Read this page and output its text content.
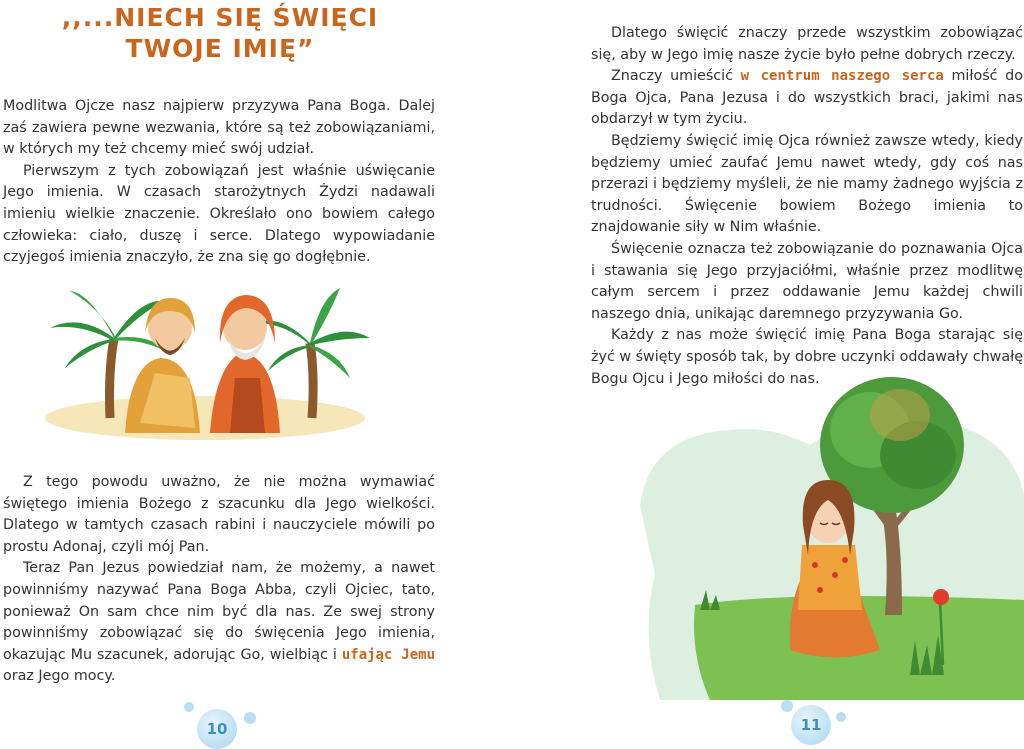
,,...NIECH SIĘ ŚWIĘCI
TWOJE IMIĘ”

Modlitwa Ojcze nasz najpierw przyzywa Pana Boga. Dalej zaś zawiera pewne wezwania, które są też zobowiązaniami, w których my też chcemy mieć swój udział.

Pierwszym z tych zobowiązań jest właśnie uświęcanie Jego imienia. W czasach starożytnych Żydzi nadawali imieniu wielkie znaczenie. Określało ono bowiem całego człowieka: ciało, duszę i serce. Dlatego wypowiadanie czyjegoś imienia znaczyło, że zna się go dogłębnie.

Z tego powodu uważno, że nie można wymawiać świętego imienia Bożego z szacunku dla Jego wielkości. Dlatego w tamtych czasach rabini i nauczyciele mówili po prostu Adonaj, czyli mój Pan.

Teraz Pan Jezus powiedział nam, że możemy, a nawet powinniśmy nazywać Pana Boga Abba, czyli Ojciec, tato, ponieważ On sam chce nim być dla nas. Ze swej strony powinniśmy zobowiązać się do święcenia Jego imienia, okazując Mu szacunek, adorując Go, wielbiąc i ufając Jemu oraz Jego mocy.

10

Dlatego święcić znaczy przede wszystkim zobowiązać się, aby w Jego imię nasze życie było pełne dobrych rzeczy.

Znaczy umieścić w centrum naszego serca miłość do Boga Ojca, Pana Jezusa i do wszystkich braci, jakimi nas obdarzył w tym życiu.

Będziemy święcić imię Ojca również zawsze wtedy, kiedy będziemy umieć zaufać Jemu nawet wtedy, gdy coś nas przerazi i będziemy myśleli, że nie mamy żadnego wyjścia z trudności. Święcenie bowiem Bożego imienia to znajdowanie siły w Nim właśnie.

Święcenie oznacza też zobowiązanie do poznawania Ojca i stawania się Jego przyjaciółmi, właśnie przez modlitwę całym sercem i przez oddawanie Jemu każdej chwili naszego dnia, unikając daremnego przyzywania Go.

Każdy z nas może święcić imię Pana Boga starając się żyć w święty sposób tak, by dobre uczynki oddawały chwałę Bogu Ojcu i Jego miłości do nas.

11
